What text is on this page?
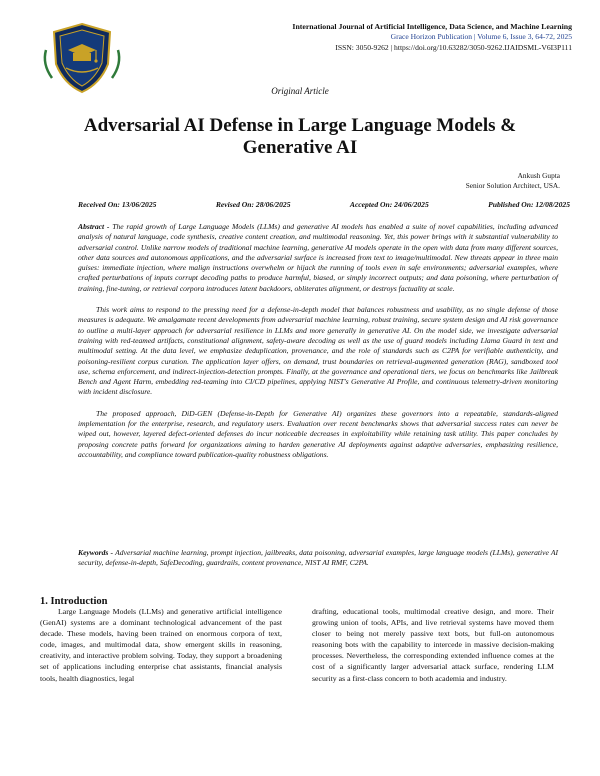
International Journal of Artificial Intelligence, Data Science, and Machine Learning
Grace Horizon Publication | Volume 6, Issue 3, 64-72, 2025
ISSN: 3050-9262 | https://doi.org/10.63282/3050-9262.IJAIDSML-V6I3P111
Original Article
Adversarial AI Defense in Large Language Models & Generative AI
Ankush Gupta
Senior Solution Architect, USA.
Received On: 13/06/2025	Revised On: 28/06/2025	Accepted On: 24/06/2025	Published On: 12/08/2025

Abstract - The rapid growth of Large Language Models (LLMs) and generative AI models has enabled a suite of novel capabilities, including advanced analysis of natural language, code synthesis, creative content creation, and multimodal reasoning. Yet, this power brings with it substantial vulnerability to adversarial control. Unlike narrow models of traditional machine learning, generative AI models operate in the open with data from many different sources, other data sources and autonomous applications, and the adversarial surface is increased from text to image/multimodal. New threats appear in three main guises: immediate injection, where malign instructions overwhelm or hijack the running of tools even in safe environments; adversarial examples, where crafted perturbations of inputs corrupt decoding paths to produce harmful, biased, or simply incorrect outputs; and data poisoning, where perturbation of training, fine-tuning, or retrieval corpora introduces latent backdoors, obliterates alignment, or destroys factuality at scale.

This work aims to respond to the pressing need for a defense-in-depth model that balances robustness and usability, as no single defense of those measures is adequate. We amalgamate recent developments from adversarial machine learning, robust training, secure system design and AI risk governance to outline a multi-layer approach for adversarial resilience in LLMs and more generally in generative AI. On the model side, we investigate adversarial training with red-teamed artifacts, constitutional alignment, safety-aware decoding as well as the use of guard models including Llama Guard in text and multimodal setting. At the data level, we emphasize deduplication, provenance, and the role of standards such as C2PA for verifiable authenticity, and poisoning-resilient corpus curation. The application layer offers, on demand, trust boundaries on retrieval-augmented generation (RAG), sandboxed tool use, schema enforcement, and indirect-injection-detection prompts. Finally, at the governance and operational tiers, we focus on benchmarks like Jailbreak Bench and Agent Harm, embedding red-teaming into CI/CD pipelines, applying NIST's Generative AI Profile, and continuous telemetry-driven monitoring with incident disclosure.

The proposed approach, DiD-GEN (Defense-in-Depth for Generative AI) organizes these governors into a repeatable, standards-aligned implementation for the enterprise, research, and regulatory users. Evaluation over recent benchmarks shows that adversarial success rates can never be wiped out, however, layered defect-oriented defenses do incur noticeable decreases in exploitability while retaining task utility. This paper concludes by proposing concrete paths forward for organizations aiming to harden generative AI deployments against adaptive adversaries, emphasizing resilience, accountability, and compliance toward publication-quality robustness obligations.

Keywords - Adversarial machine learning, prompt injection, jailbreaks, data poisoning, adversarial examples, large language models (LLMs), generative AI security, defense-in-depth, SafeDecoding, guardrails, content provenance, NIST AI RMF, C2PA.
1. Introduction
Large Language Models (LLMs) and generative artificial intelligence (GenAI) systems are a dominant technological advancement of the past decade. These models, having been trained on enormous corpora of text, code, images, and multimodal data, show emergent skills in reasoning, creativity, and interactive problem solving. Today, they support a broadening set of applications including enterprise chat assistants, financial analysis tools, health diagnostics, legal
drafting, educational tools, multimodal creative design, and more. Their growing union of tools, APIs, and live retrieval systems have moved them closer to being not merely passive text bots, but full-on autonomous reasoning bots with the capability to intercede in massive decision-making processes. Nevertheless, the corresponding extended influence comes at the cost of a significantly larger adversarial attack surface, rendering LLM security as a first-class concern to both academia and industry.
